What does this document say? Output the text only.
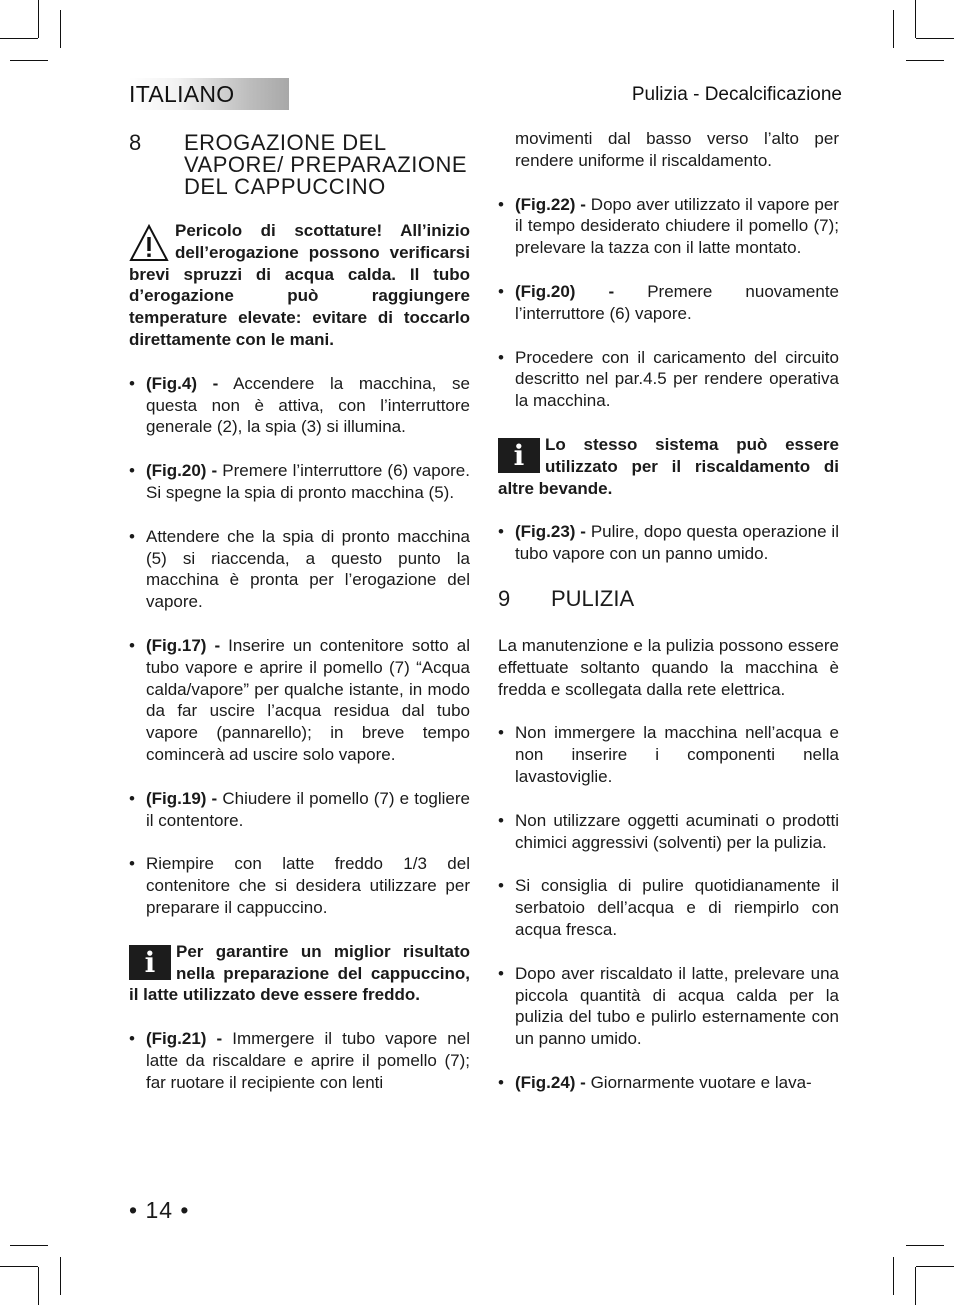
ITALIANO	Pulizia - Decalcificazione
8	EROGAZIONE DEL VAPORE/ PREPARAZIONE DEL CAPPUCCINO
Pericolo di scottature! All’inizio dell’erogazione possono verificarsi brevi spruzzi di acqua calda. Il tubo d’erogazione può raggiungere temperature elevate: evitare di toccarlo direttamente con le mani.
• (Fig.4) - Accendere la macchina, se questa non è attiva, con l’interruttore generale (2), la spia (3) si illumina.
• (Fig.20) - Premere l’interruttore (6) vapore. Si spegne la spia di pronto macchina (5).
• Attendere che la spia di pronto macchina (5) si riaccenda, a questo punto la macchina è pronta per l’erogazione del vapore.
• (Fig.17) - Inserire un contenitore sotto al tubo vapore e aprire il pomello (7) “Acqua calda/vapore” per qualche istante, in modo da far uscire l’acqua residua dal tubo vapore (pannarello); in breve tempo comincerà ad uscire solo vapore.
• (Fig.19) - Chiudere il pomello (7) e togliere il contentore.
• Riempire con latte freddo 1/3 del contenitore che si desidera utilizzare per preparare il cappuccino.
i	Per garantire un miglior risultato nella preparazione del cappuccino, il latte utilizzato deve essere freddo.
• (Fig.21) - Immergere il tubo vapore nel latte da riscaldare e aprire il pomello (7); far ruotare il recipiente con lenti

movimenti dal basso verso l’alto per rendere uniforme il riscaldamento.

• (Fig.22) - Dopo aver utilizzato il vapore per il tempo desiderato chiudere il pomello (7); prelevare la tazza con il latte montato.
• (Fig.20) - Premere nuovamente l’interruttore (6) vapore.
• Procedere con il caricamento del circuito descritto nel par.4.5 per rendere operativa la macchina.
i	Lo stesso sistema può essere utilizzato per il riscaldamento di altre bevande.
• (Fig.23) - Pulire, dopo questa operazione il tubo vapore con un panno umido.
9	PULIZIA

La manutenzione e la pulizia possono essere effettuate soltanto quando la macchina è fredda e scollegata dalla rete elettrica.

• Non immergere la macchina nell’acqua e non inserire i componenti nella lavastoviglie.
• Non utilizzare oggetti acuminati o prodotti chimici aggressivi (solventi) per la pulizia.
• Si consiglia di pulire quotidianamente il serbatoio dell’acqua e di riempirlo con acqua fresca.
• Dopo aver riscaldato il latte, prelevare una piccola quantità di acqua calda per la pulizia del tubo e pulirlo esternamente con un panno umido.
• (Fig.24) - Giornarmente vuotare e lava-
• 14 •
